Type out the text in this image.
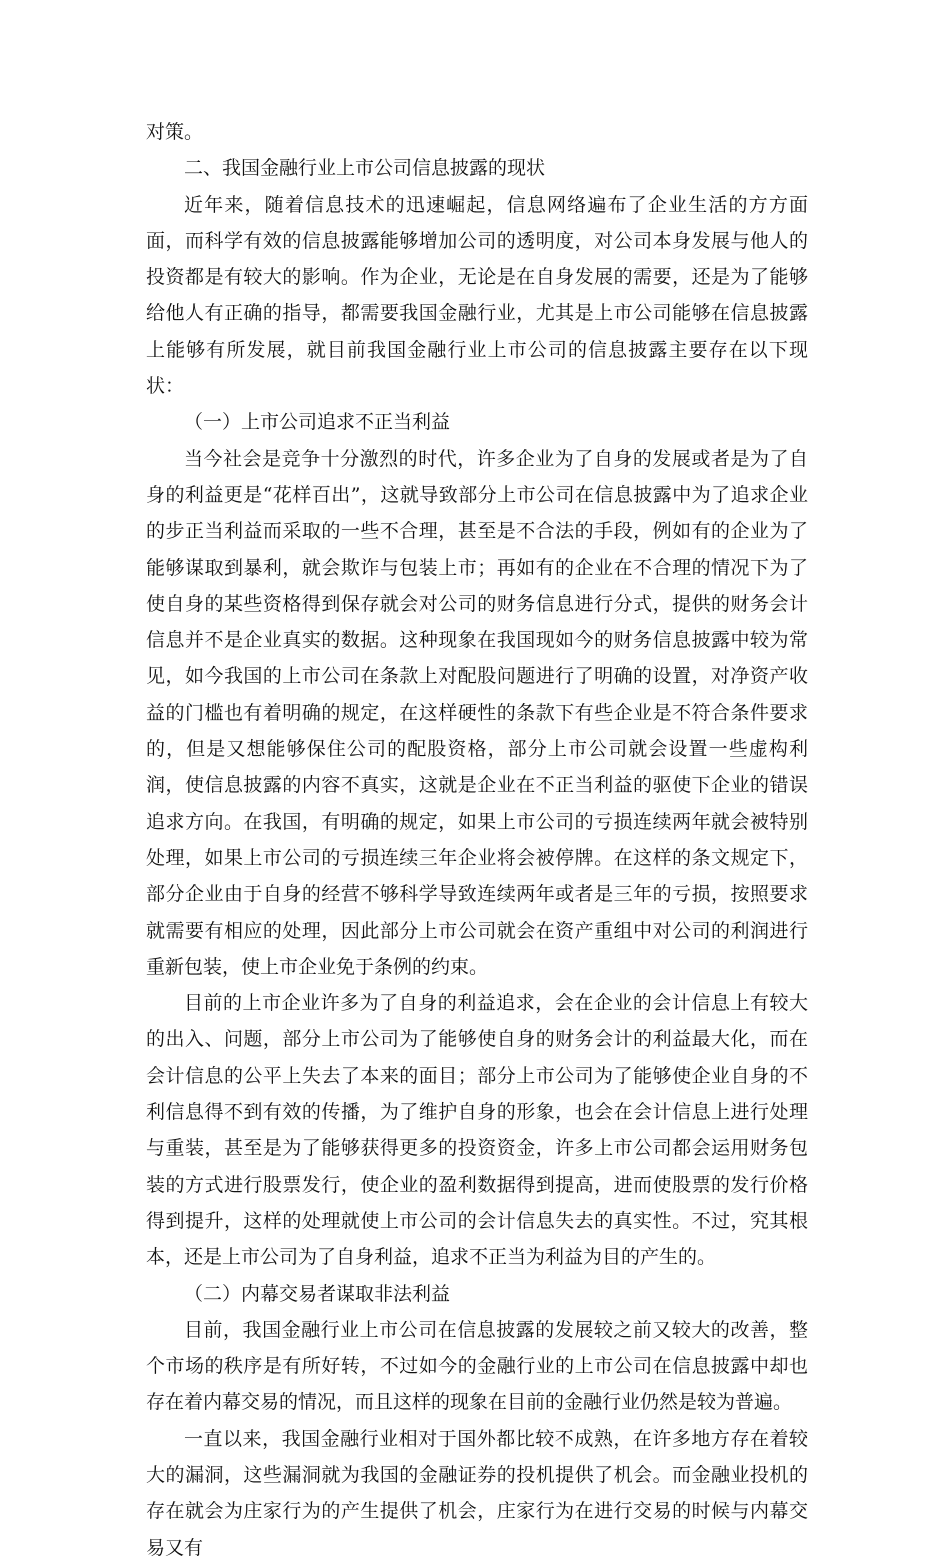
对策。

二、我国金融行业上市公司信息披露的现状

近年来，随着信息技术的迅速崛起，信息网络遍布了企业生活的方方面面，而科学有效的信息披露能够增加公司的透明度，对公司本身发展与他人的投资都是有较大的影响。作为企业，无论是在自身发展的需要，还是为了能够给他人有正确的指导，都需要我国金融行业，尤其是上市公司能够在信息披露上能够有所发展，就目前我国金融行业上市公司的信息披露主要存在以下现状：

（一）上市公司追求不正当利益

当今社会是竞争十分激烈的时代，许多企业为了自身的发展或者是为了自身的利益更是“花样百出”，这就导致部分上市公司在信息披露中为了追求企业的步正当利益而采取的一些不合理，甚至是不合法的手段，例如有的企业为了能够谋取到暴利，就会欺诈与包装上市；再如有的企业在不合理的情况下为了使自身的某些资格得到保存就会对公司的财务信息进行分式，提供的财务会计信息并不是企业真实的数据。这种现象在我国现如今的财务信息披露中较为常见，如今我国的上市公司在条款上对配股问题进行了明确的设置，对净资产收益的门槛也有着明确的规定，在这样硬性的条款下有些企业是不符合条件要求的，但是又想能够保住公司的配股资格，部分上市公司就会设置一些虚构利润，使信息披露的内容不真实，这就是企业在不正当利益的驱使下企业的错误追求方向。在我国，有明确的规定，如果上市公司的亏损连续两年就会被特别处理，如果上市公司的亏损连续三年企业将会被停牌。在这样的条文规定下，部分企业由于自身的经营不够科学导致连续两年或者是三年的亏损，按照要求就需要有相应的处理，因此部分上市公司就会在资产重组中对公司的利润进行重新包装，使上市企业免于条例的约束。

目前的上市企业许多为了自身的利益追求，会在企业的会计信息上有较大的出入、问题，部分上市公司为了能够使自身的财务会计的利益最大化，而在会计信息的公平上失去了本来的面目；部分上市公司为了能够使企业自身的不利信息得不到有效的传播，为了维护自身的形象，也会在会计信息上进行处理与重装，甚至是为了能够获得更多的投资资金，许多上市公司都会运用财务包装的方式进行股票发行，使企业的盈利数据得到提高，进而使股票的发行价格得到提升，这样的处理就使上市公司的会计信息失去的真实性。不过，究其根本，还是上市公司为了自身利益，追求不正当为利益为目的产生的。

（二）内幕交易者谋取非法利益

目前，我国金融行业上市公司在信息披露的发展较之前又较大的改善，整个市场的秩序是有所好转，不过如今的金融行业的上市公司在信息披露中却也存在着内幕交易的情况，而且这样的现象在目前的金融行业仍然是较为普遍。

一直以来，我国金融行业相对于国外都比较不成熟，在许多地方存在着较大的漏洞，这些漏洞就为我国的金融证券的投机提供了机会。而金融业投机的存在就会为庄家行为的产生提供了机会，庄家行为在进行交易的时候与内幕交易又有
